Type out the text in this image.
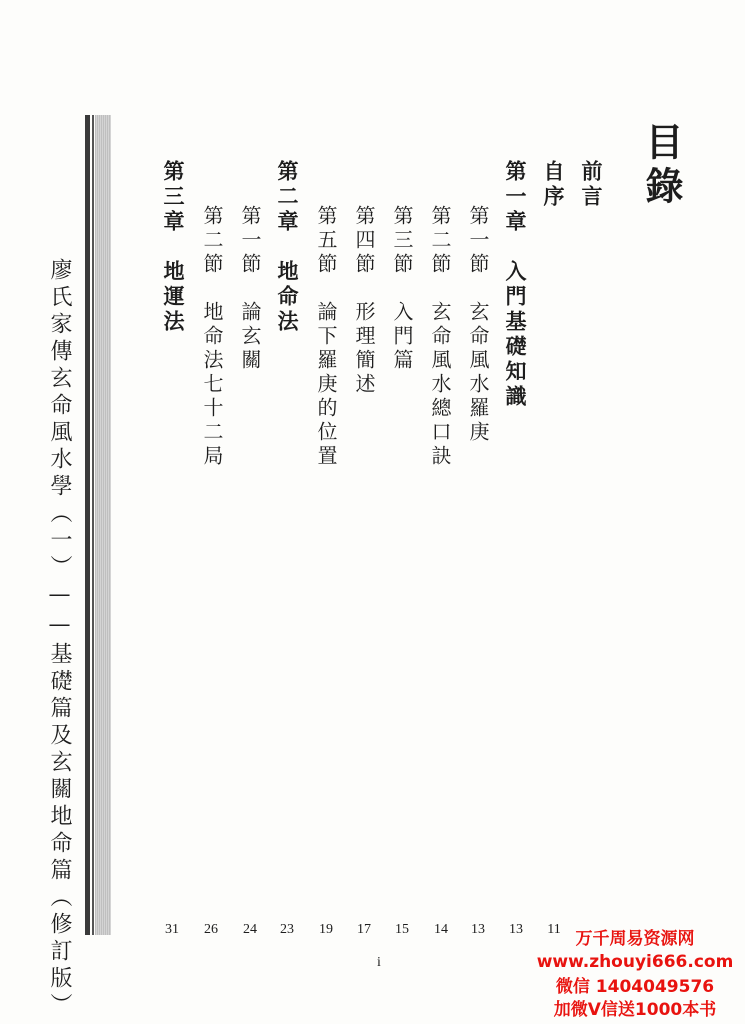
目錄
前言
自序
第一章　入門基礎知識
第一節　玄命風水羅庚
第二節　玄命風水總口訣
第三節　入門篇
第四節　形理簡述
第五節　論下羅庚的位置
第二章　地命法
第一節　論玄關
第二節　地命法七十二局
第三章　地運法
11
13
13
14
15
17
19
23
24
26
31
廖氏家傳玄命風水學（一）——基礎篇及玄關地命篇（修訂版）	i
万千周易资源网
www.zhouyi666.com
微信 1404049576
加微V信送1000本书
